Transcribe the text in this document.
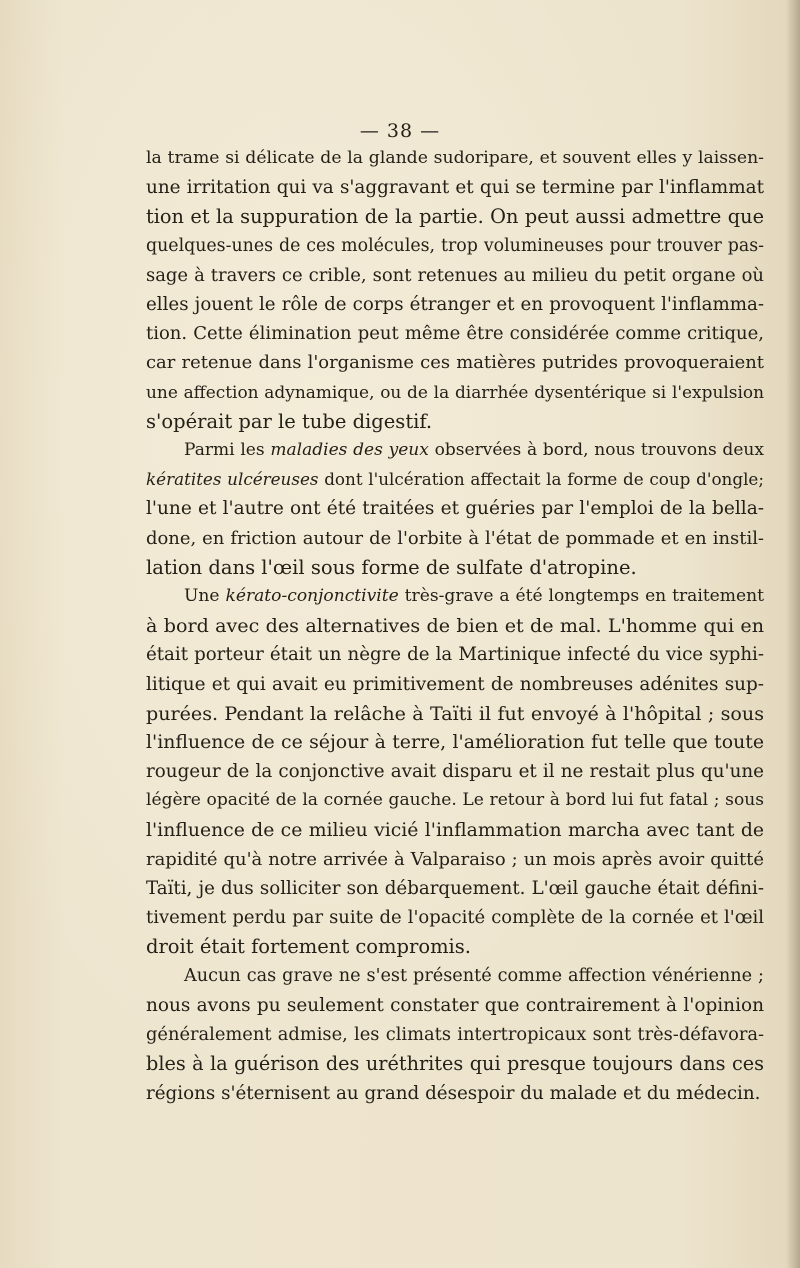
— 38 —

la trame si délicate de la glande sudoripare, et souvent elles y laissen-
une irritation qui va s'aggravant et qui se termine par l'inflammat
tion et la suppuration de la partie. On peut aussi admettre que
quelques-unes de ces molécules, trop volumineuses pour trouver pas-
sage à travers ce crible, sont retenues au milieu du petit organe où
elles jouent le rôle de corps étranger et en provoquent l'inflamma-
tion. Cette élimination peut même être considérée comme critique,
car retenue dans l'organisme ces matières putrides provoqueraient
une affection adynamique, ou de la diarrhée dysentérique si l'expulsion
s'opérait par le tube digestif.

Parmi les maladies des yeux observées à bord, nous trouvons deux
kératites ulcéreuses dont l'ulcération affectait la forme de coup d'ongle;
l'une et l'autre ont été traitées et guéries par l'emploi de la bella-
done, en friction autour de l'orbite à l'état de pommade et en instil-
lation dans l'œil sous forme de sulfate d'atropine.

Une kérato-conjonctivite très-grave a été longtemps en traitement
à bord avec des alternatives de bien et de mal. L'homme qui en
était porteur était un nègre de la Martinique infecté du vice syphi-
litique et qui avait eu primitivement de nombreuses adénites sup-
purées. Pendant la relâche à Taïti il fut envoyé à l'hôpital ; sous
l'influence de ce séjour à terre, l'amélioration fut telle que toute
rougeur de la conjonctive avait disparu et il ne restait plus qu'une
légère opacité de la cornée gauche. Le retour à bord lui fut fatal ; sous
l'influence de ce milieu vicié l'inflammation marcha avec tant de
rapidité qu'à notre arrivée à Valparaiso ; un mois après avoir quitté
Taïti, je dus solliciter son débarquement. L'œil gauche était défini-
tivement perdu par suite de l'opacité complète de la cornée et l'œil
droit était fortement compromis.

Aucun cas grave ne s'est présenté comme affection vénérienne ;
nous avons pu seulement constater que contrairement à l'opinion
généralement admise, les climats intertropicaux sont très-défavora-
bles à la guérison des uréthrites qui presque toujours dans ces
régions s'éternisent au grand désespoir du malade et du médecin.
